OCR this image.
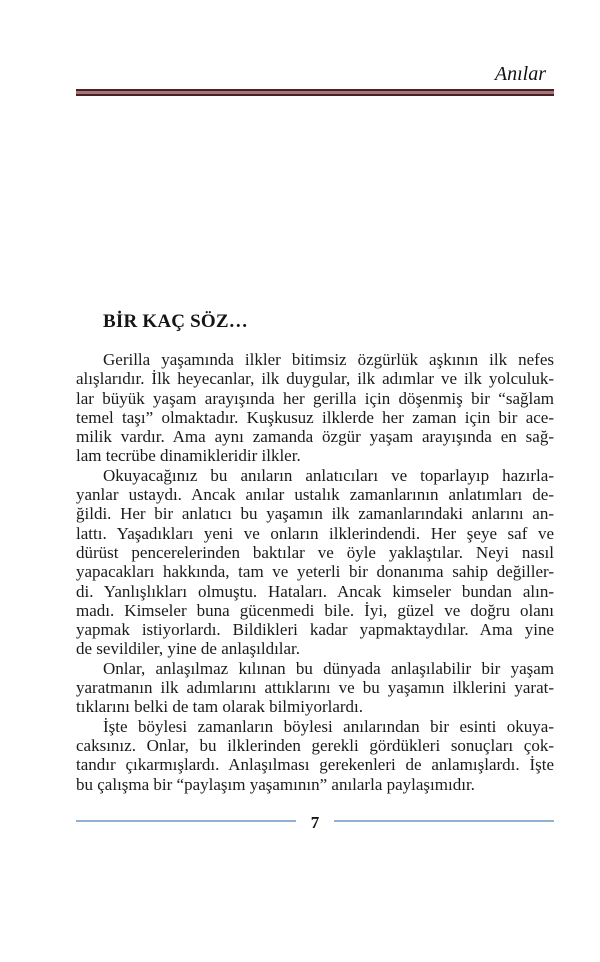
Anılar
BİR KAÇ SÖZ…

Gerilla yaşamında ilkler bitimsiz özgürlük aşkının ilk nefes
alışlarıdır. İlk heyecanlar, ilk duygular, ilk adımlar ve ilk yolculuk-
lar büyük yaşam arayışında her gerilla için döşenmiş bir “sağlam
temel taşı” olmaktadır. Kuşkusuz ilklerde her zaman için bir ace-
milik vardır. Ama aynı zamanda özgür yaşam arayışında en sağ-
lam tecrübe dinamikleridir ilkler.

Okuyacağınız bu anıların anlatıcıları ve toparlayıp hazırla-
yanlar ustaydı. Ancak anılar ustalık zamanlarının anlatımları de-
ğildi. Her bir anlatıcı bu yaşamın ilk zamanlarındaki anlarını an-
lattı. Yaşadıkları yeni ve onların ilklerindendi. Her şeye saf ve
dürüst pencerelerinden baktılar ve öyle yaklaştılar. Neyi nasıl
yapacakları hakkında, tam ve yeterli bir donanıma sahip değiller-
di. Yanlışlıkları olmuştu. Hataları. Ancak kimseler bundan alın-
madı. Kimseler buna gücenmedi bile. İyi, güzel ve doğru olanı
yapmak istiyorlardı. Bildikleri kadar yapmaktaydılar. Ama yine
de sevildiler, yine de anlaşıldılar.

Onlar, anlaşılmaz kılınan bu dünyada anlaşılabilir bir yaşam
yaratmanın ilk adımlarını attıklarını ve bu yaşamın ilklerini yarat-
tıklarını belki de tam olarak bilmiyorlardı.

İşte böylesi zamanların böylesi anılarından bir esinti okuya-
caksınız. Onlar, bu ilklerinden gerekli gördükleri sonuçları çok-
tandır çıkarmışlardı. Anlaşılması gerekenleri de anlamışlardı. İşte
bu çalışma bir “paylaşım yaşamının” anılarla paylaşımıdır.

7
